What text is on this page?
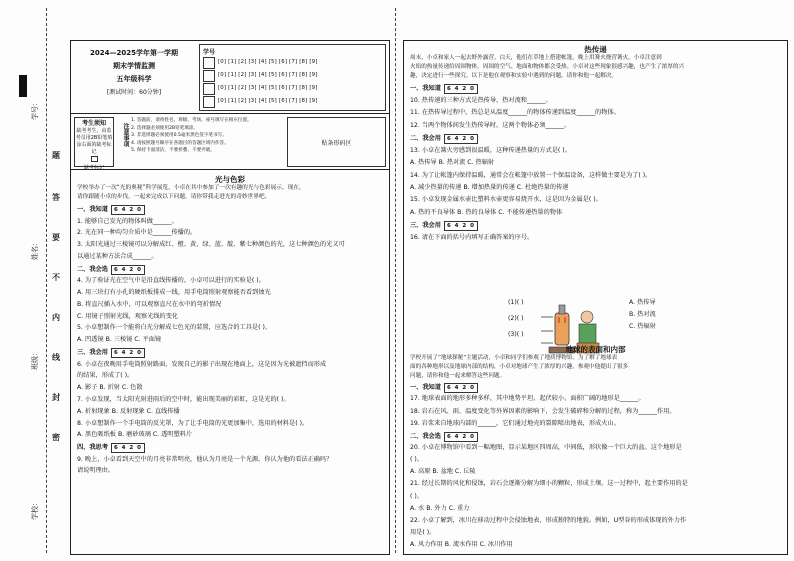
题
答
要
不
内
线
封
密
学号：
姓名：
班级：
学校：
2024—2025学年第一学期
期末学情监测
五年级科学
[测试时间：60分钟]
学号
[0] [1] [2] [3] [4] [5] [6] [7] [8] [9]
[0] [1] [2] [3] [4] [5] [6] [7] [8] [9]
[0] [1] [2] [3] [4] [5] [6] [7] [8] [9]
[0] [1] [2] [3] [4] [5] [6] [7] [8] [9]
考生须知
缺考考生，由监考员用2B铅笔填涂右面的缺考标记

缺考标记
注意事项
1. 答题前，请将姓名、班级、考场、座号填写在相应位置。
2. 选择题必须使用2B铅笔填涂。
3. 非选择题必须使用0.5毫米黑色签字笔书写。
4. 请按照题号顺序在各题目的答题区域内作答。
5. 保持卡面清洁，不要折叠、不要弄破。
贴条形码区
光与色彩
学校举办了一次“光的奥秘”科学展览，小卓在其中参加了一次有趣的光与色彩展示。现在，
请你跟随小卓的步伐，一起来完成以下问题，请你带我走进光的奇妙世界吧。
一、我知道 6 4 2 0
1. 能够自己发光的物体叫做______。
2. 光在同一种均匀介质中是______传播的。
3. 太阳光通过三棱镜可以分解成红、橙、黄、绿、蓝、靛、紫七种颜色的光，这七种颜色的光又可
以通过某种方法合成______。
二、我会选 6 4 2 0
4. 为了验证光在空气中是沿直线传播的，小卓可以进行的实验是( )。
A. 用三块打有小孔的硬纸板排成一线，用手电筒照射观察能否看到烛光
B. 将直尺插入水中，可以观察直尺在水中的弯折情况
C. 用镜子照射光线，观察光线的变化
5. 小卓想制作一个能将白光分解成七色光的装置，应选合的工具是( )。
A. 凹透镜 B. 三棱镜 C. 平面镜
三、我会用 6 4 2 0
6. 小卓在夜晚用手电筒照射路面，发现自己的影子出现在地面上，这是因为光被遮挡而形成
的结果，形成了( )。
A. 影子 B. 折射 C. 色散
7. 小卓发现，当太阳光射进雨后的空中时，能出现美丽的彩虹，这是光的( )。
A. 折射现象 B. 反射现象 C. 直线传播
8. 小卓想制作一个手电筒的反光罩，为了让手电筒的光更加集中，选用的材料是( )。
A. 黑色吸纸板 B. 磨砂玻璃 C. 透明塑料片
四、我思考 6 4 2 0
9. 晚上，小卓看到天空中的月亮非常明亮，他认为月亮是一个光源。你认为他的看法正确吗？
请说明理由。
热传递
周末，小卓和家人一起去野外露营。白天，他们在草地上搭建帐篷，晚上用篝火烧营篝火。小卓注意到
火焰的热量传递给周围物体，周围的空气、地面和物体都会受热。小卓对这些现象很感兴趣，也产生了浓厚的兴
趣，决定进行一些探究。以下是他在观察和实验中遇到的问题，请你和他一起解决。
一、我知道 6 4 2 0
10. 热传递的三种方式是热传导、热对流和______。
11. 在热传导过程中，热总是从温度______的物体传递到温度______的物体。
12. 当两个物体间发生热传导时，这两个物体必须______。
二、我会用 6 4 2 0
13. 小卓在篝火旁感到很温暖，这种传递热量的方式是( )。
A. 热传导 B. 热对流 C. 热辐射
14. 为了让帐篷内保持温暖，通常会在帐篷中放置一个保温设备，这样做主要是为了( )。
A. 减少热量的传递 B. 增加热量的传递 C. 杜绝热量的传递
15. 小卓发现金属水壶比塑料水壶更容易烧开水，这是因为金属是( )。
A. 热的不良导体 B. 热的良导体 C. 不能传递热量的物体
三、我会用 6 4 2 0
16. 请在下面的括号内填写正确答案的序号。
(1)( )
(2)( )
(3)( )
A. 热传导
B. 热对流
C. 热辐射
地球的表面和内部
学校开展了“地球探秘”主题活动，小卓和同学们参观了地质博物馆。为了解了地球表
面的各种地形以及地球内部的结构，小卓对地球产生了浓厚的兴趣，参观中他提出了很多
问题，请你和他一起来解答这些问题。
一、我知道 6 4 2 0
17. 地球表面的地形多种多样，其中地势平坦、起伏较小、面积广阔的地形是______。
18. 岩石在风、雨、温度变化等外界因素的影响下，会发生破碎和分解的过程，称为______作用。
19. 岩浆来自地球内部的______，它们通过地壳的裂隙喷出地表，形成火山。
二、我会选 6 4 2 0
20. 小卓在博物馆中看到一幅地图，显示某地区四周高，中间低，形状像一个巨大的盆。这个地形是
( )。
A. 高原 B. 盆地 C. 丘陵
21. 经过长期的风化和侵蚀，岩石会逐渐分解为细小的颗粒，形成土壤。这一过程中，起主要作用的是
( )。
A. 水 B. 外力 C. 重力
22. 小卓了解到，冰川在移动过程中会侵蚀地表，形成独特的地貌。例如，U型谷的形成体现的外力作
用是( )。
A. 风力作用 B. 流水作用 C. 冰川作用
